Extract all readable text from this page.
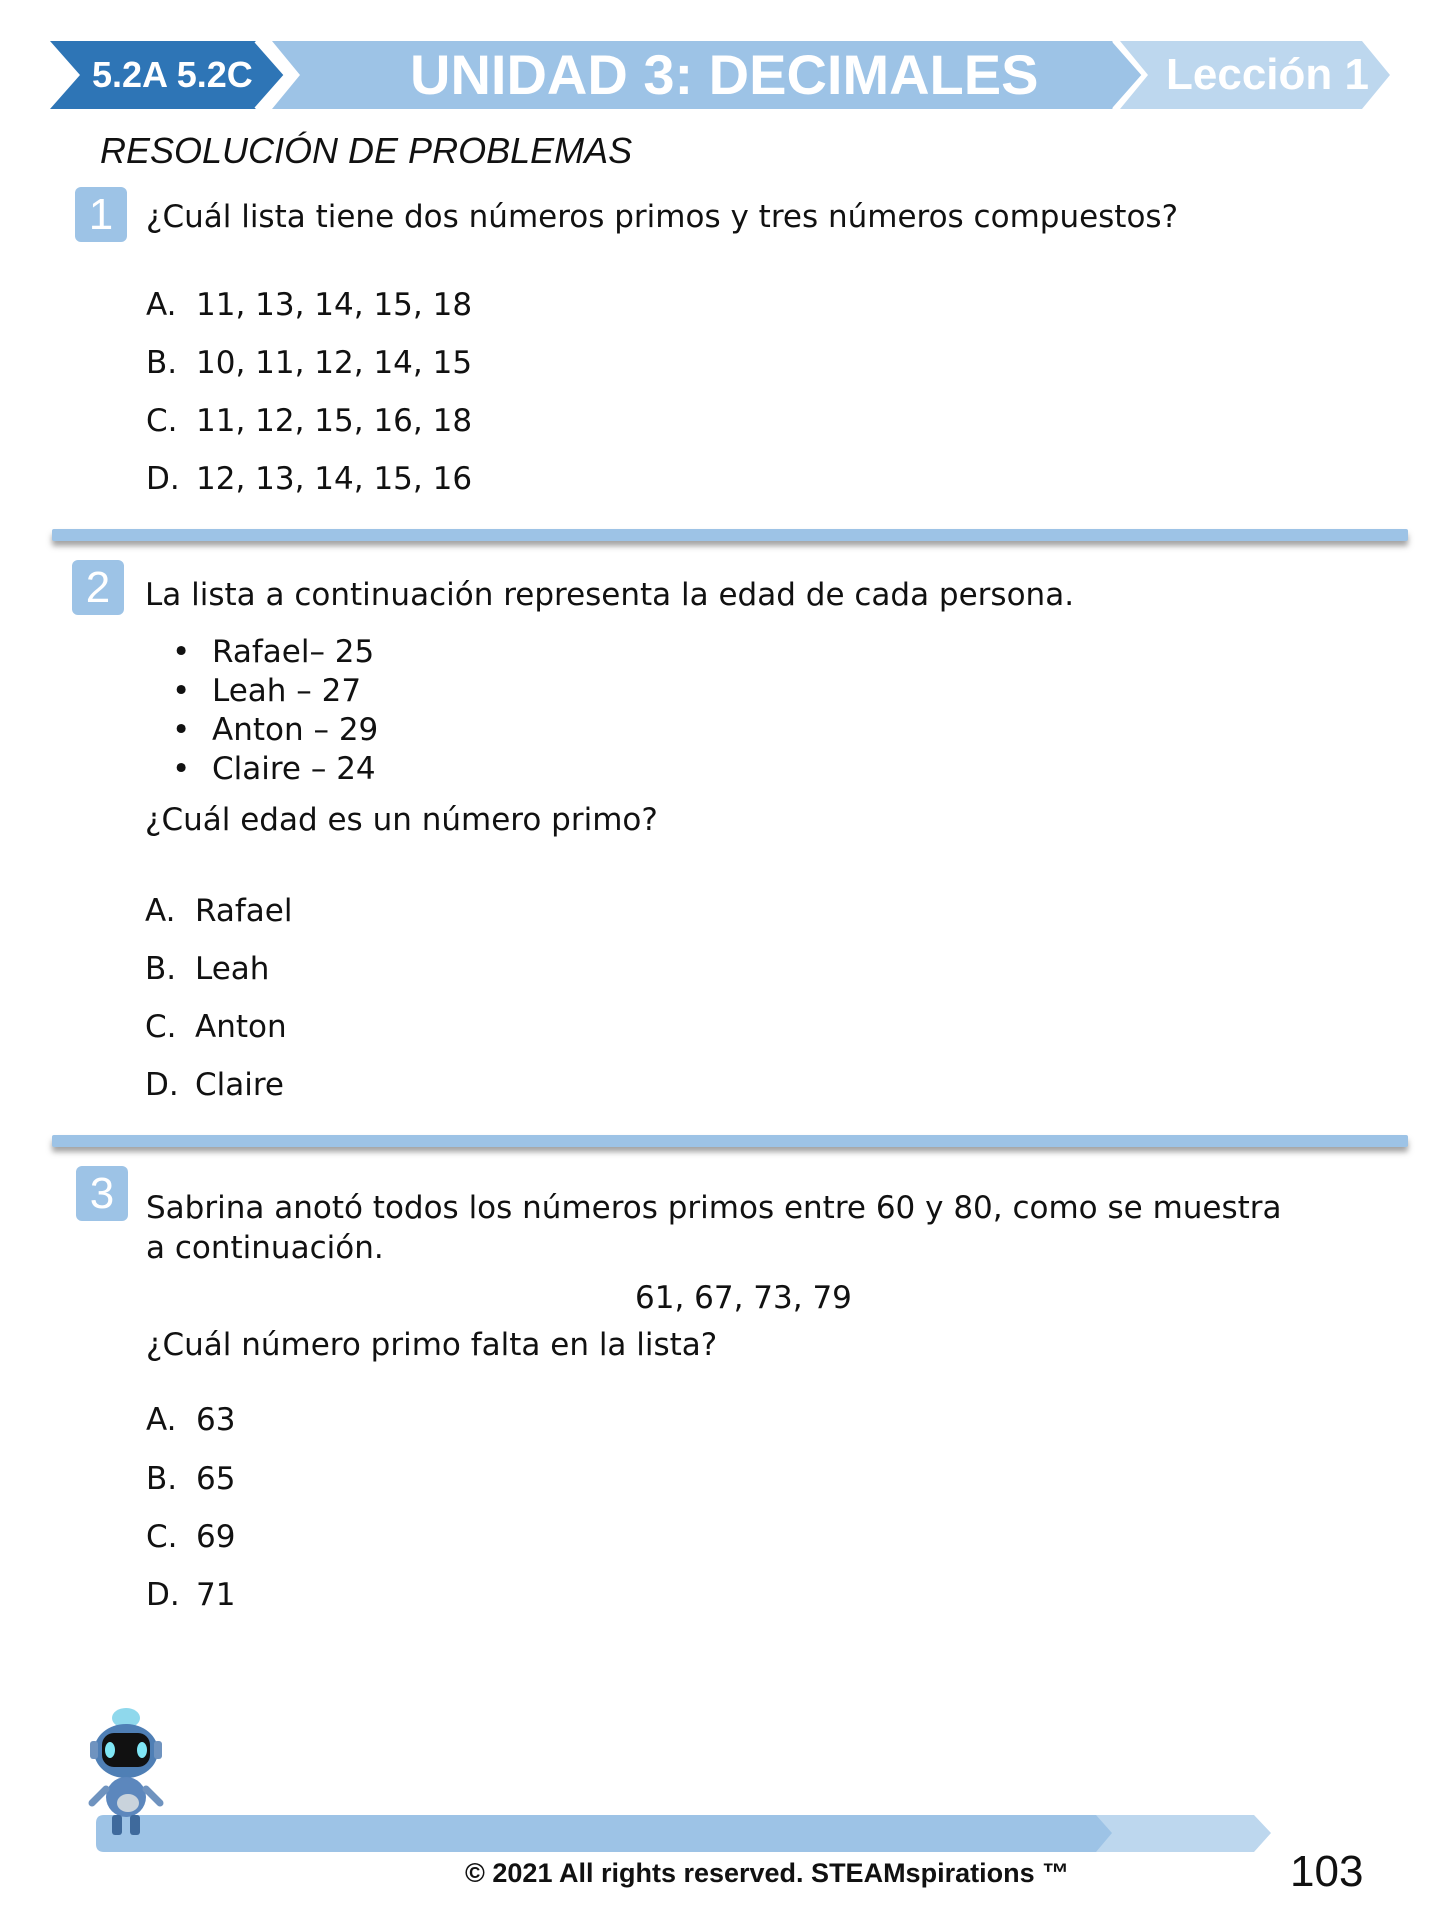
5.2A 5.2C	UNIDAD 3: DECIMALES	Lección 1
RESOLUCIÓN DE PROBLEMAS
1	¿Cuál lista tiene dos números primos y tres números compuestos?
A. 11, 13, 14, 15, 18
B. 10, 11, 12, 14, 15
C. 11, 12, 15, 16, 18
D. 12, 13, 14, 15, 16
2	La lista a continuación representa la edad de cada persona.
• Rafael– 25
• Leah – 27
• Anton – 29
• Claire – 24
¿Cuál edad es un número primo?
A. Rafael
B. Leah
C. Anton
D. Claire
3	Sabrina anotó todos los números primos entre 60 y 80, como se muestra
a continuación.
61, 67, 73, 79
¿Cuál número primo falta en la lista?
A. 63
B. 65
C. 69
D. 71
© 2021 All rights reserved. STEAMspirations ™	103
